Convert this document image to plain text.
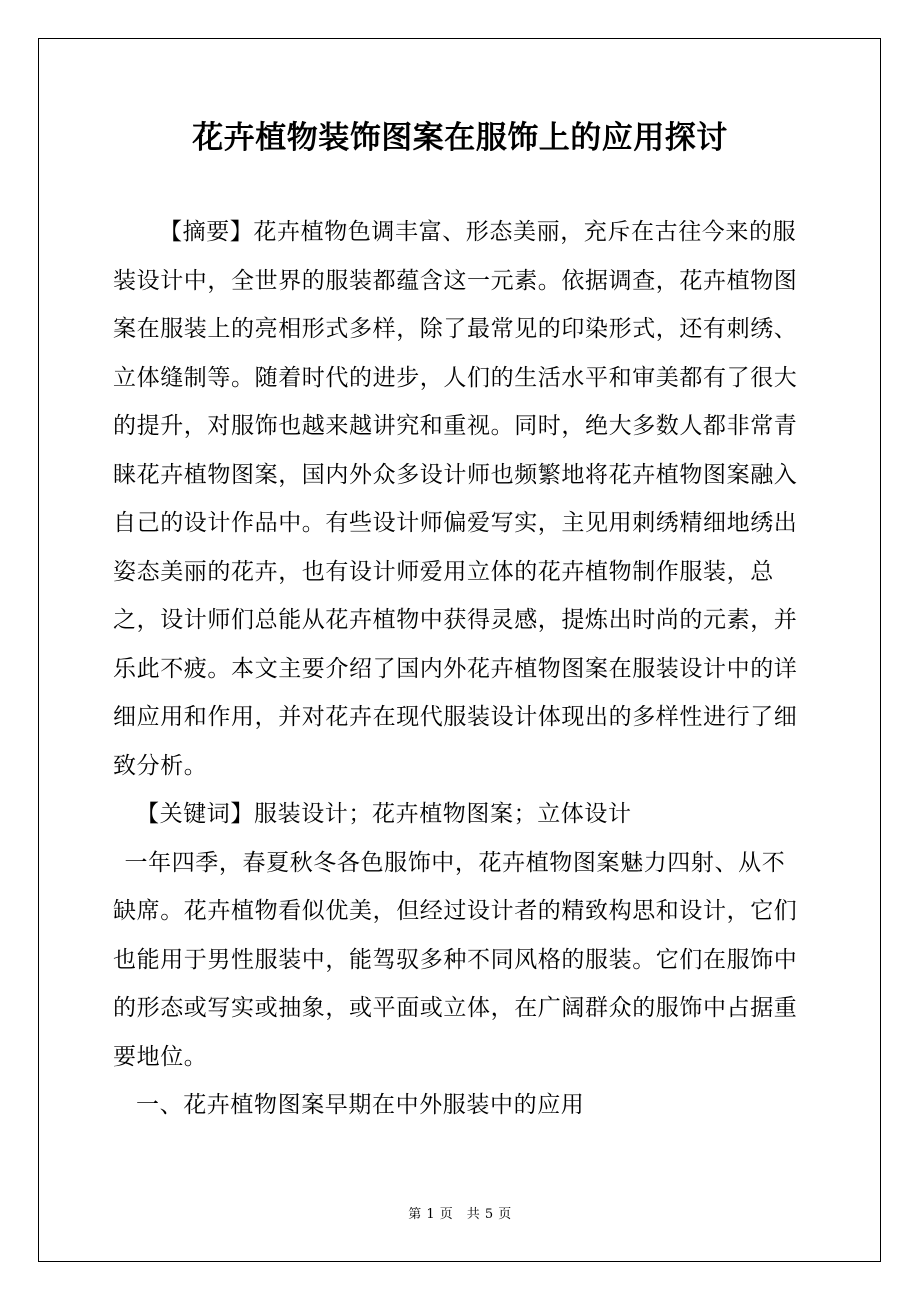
花卉植物装饰图案在服饰上的应用探讨

【摘要】花卉植物色调丰富、形态美丽，充斥在古往今来的服装设计中，全世界的服装都蕴含这一元素。依据调查，花卉植物图案在服装上的亮相形式多样，除了最常见的印染形式，还有刺绣、立体缝制等。随着时代的进步，人们的生活水平和审美都有了很大的提升，对服饰也越来越讲究和重视。同时，绝大多数人都非常青睐花卉植物图案，国内外众多设计师也频繁地将花卉植物图案融入自己的设计作品中。有些设计师偏爱写实，主见用刺绣精细地绣出姿态美丽的花卉，也有设计师爱用立体的花卉植物制作服装，总之，设计师们总能从花卉植物中获得灵感，提炼出时尚的元素，并乐此不疲。本文主要介绍了国内外花卉植物图案在服装设计中的详细应用和作用，并对花卉在现代服装设计体现出的多样性进行了细致分析。

【关键词】服装设计；花卉植物图案；立体设计

一年四季，春夏秋冬各色服饰中，花卉植物图案魅力四射、从不缺席。花卉植物看似优美，但经过设计者的精致构思和设计，它们也能用于男性服装中，能驾驭多种不同风格的服装。它们在服饰中的形态或写实或抽象，或平面或立体，在广阔群众的服饰中占据重要地位。

一、花卉植物图案早期在中外服装中的应用

第 1 页　共 5 页
